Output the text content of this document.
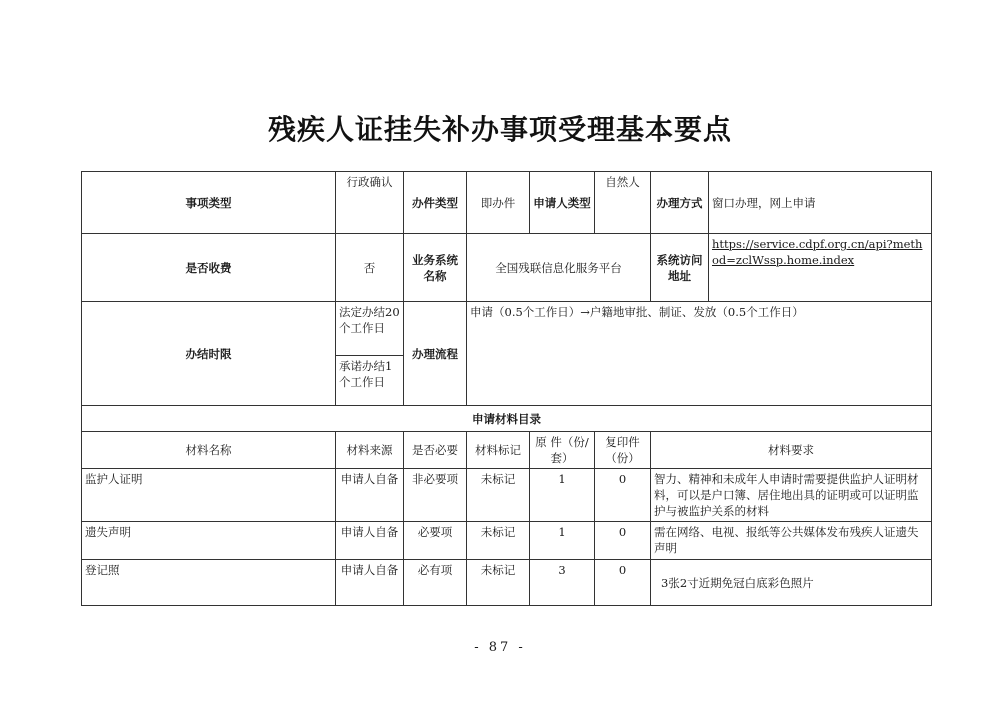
残疾人证挂失补办事项受理基本要点
事项类型	行政确认	办件类型	即办件	申请人类型	自然人	办理方式	窗口办理，网上申请
是否收费	否	业务系统名称	全国残联信息化服务平台			系统访问地址	https://service.cdpf.org.cn/api?method=zclWssp.home.index
办结时限	法定办结20个工作日	办理流程	申请（0.5个工作日）→户籍地审批、制证、发放（0.5个工作日）				
	承诺办结1个工作日						
申请材料目录							
材料名称	材料来源	是否必要	材料标记	原 件（份/套）	复印件（份）	材料要求	
监护人证明	申请人自备	非必要项	未标记	1	0	智力、精神和未成年人申请时需要提供监护人证明材料，可以是户口簿、居住地出具的证明或可以证明监护与被监护关系的材料	
遗失声明	申请人自备	必要项	未标记	1	0	需在网络、电视、报纸等公共媒体发布残疾人证遗失声明	
登记照	申请人自备	必有项	未标记	3	0	3张2寸近期免冠白底彩色照片	
- 87 -
